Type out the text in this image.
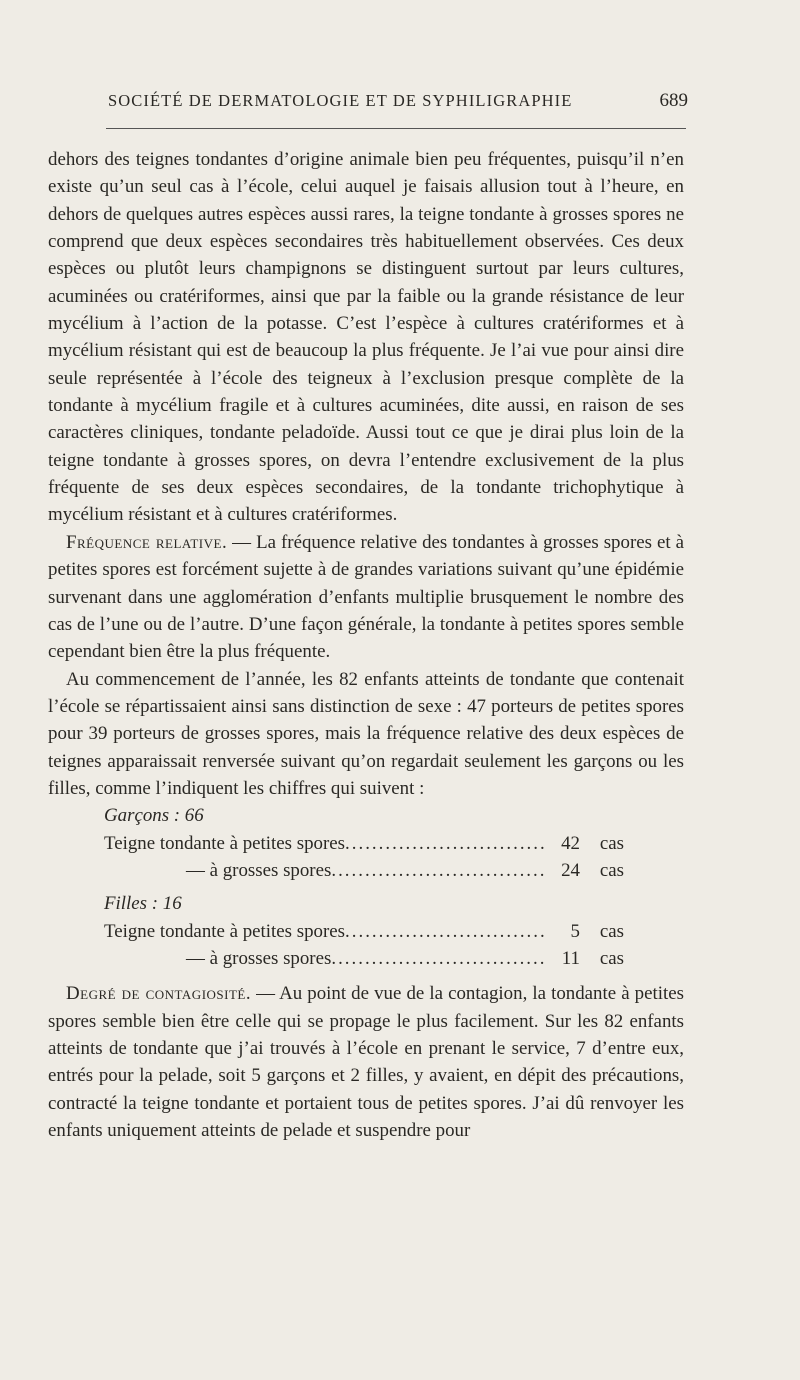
SOCIÉTÉ DE DERMATOLOGIE ET DE SYPHILIGRAPHIE	689

dehors des teignes tondantes d’origine animale bien peu fréquentes, puisqu’il n’en existe qu’un seul cas à l’école, celui auquel je faisais allusion tout à l’heure, en dehors de quelques autres espèces aussi rares, la teigne tondante à grosses spores ne comprend que deux espèces secondaires très habituellement observées. Ces deux espèces ou plutôt leurs champignons se distinguent surtout par leurs cultures, acuminées ou cratériformes, ainsi que par la faible ou la grande résistance de leur mycélium à l’action de la potasse. C’est l’espèce à cultures cratériformes et à mycélium résistant qui est de beaucoup la plus fréquente. Je l’ai vue pour ainsi dire seule représentée à l’école des teigneux à l’exclusion presque complète de la tondante à mycélium fragile et à cultures acuminées, dite aussi, en raison de ses caractères cliniques, tondante peladoïde. Aussi tout ce que je dirai plus loin de la teigne tondante à grosses spores, on devra l’entendre exclusivement de la plus fréquente de ses deux espèces secondaires, de la tondante trichophytique à mycélium résistant et à cultures cratériformes.

Fréquence relative. — La fréquence relative des tondantes à grosses spores et à petites spores est forcément sujette à de grandes variations suivant qu’une épidémie survenant dans une agglomération d’enfants multiplie brusquement le nombre des cas de l’une ou de l’autre. D’une façon générale, la tondante à petites spores semble cependant bien être la plus fréquente.

Au commencement de l’année, les 82 enfants atteints de tondante que contenait l’école se répartissaient ainsi sans distinction de sexe : 47 porteurs de petites spores pour 39 porteurs de grosses spores, mais la fréquence relative des deux espèces de teignes apparaissait renversée suivant qu’on regardait seulement les garçons ou les filles, comme l’indiquent les chiffres qui suivent :

Garçons : 66

Teigne tondante à petites spores .....	42	cas
— à grosses spores .....	24	cas

Filles : 16

Teigne tondante à petites spores .....	5	cas
— à grosses spores .....	11	cas

Degré de contagiosité. — Au point de vue de la contagion, la tondante à petites spores semble bien être celle qui se propage le plus facilement. Sur les 82 enfants atteints de tondante que j’ai trouvés à l’école en prenant le service, 7 d’entre eux, entrés pour la pelade, soit 5 garçons et 2 filles, y avaient, en dépit des précautions, contracté la teigne tondante et portaient tous de petites spores. J’ai dû renvoyer les enfants uniquement atteints de pelade et suspendre pour
